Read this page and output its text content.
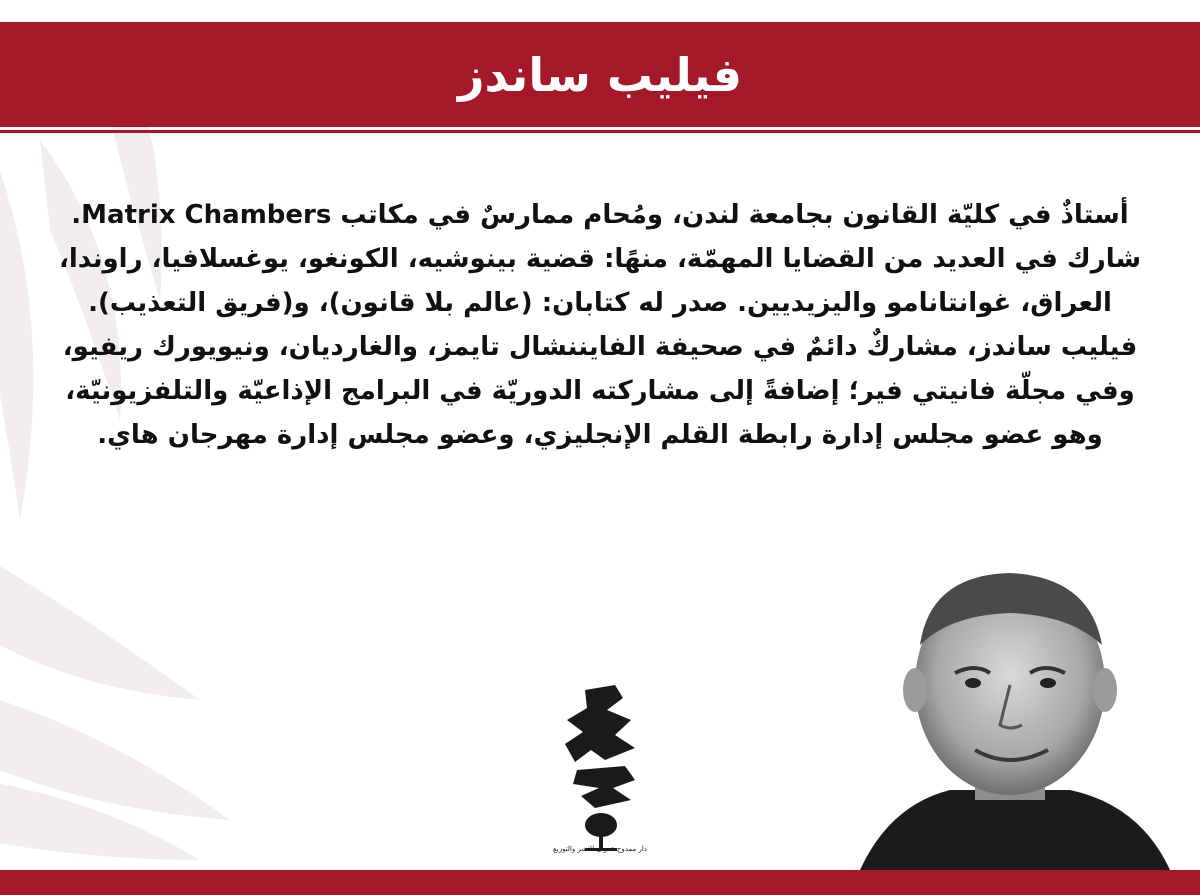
فيليب ساندز

أستاذٌ في كليّة القانون بجامعة لندن، ومُحام ممارسٌ في مكاتب Matrix Chambers. شارك في العديد من القضايا المهمّة، منهًا: قضية بينوشيه، الكونغو، يوغسلافيا، راوندا، العراق، غوانتانامو واليزيديين. صدر له كتابان: (عالم بلا قانون)، و(فريق التعذيب).

فيليب ساندز، مشاركٌ دائمٌ في صحيفة الفايننشال تايمز، والغارديان، ونيويورك ريفيو، وفي مجلّة فانيتي فير؛ إضافةً إلى مشاركته الدوريّة في البرامج الإذاعيّة والتلفزيونيّة، وهو عضو مجلس إدارة رابطة القلم الإنجليزي، وعضو مجلس إدارة مهرجان هاي.

دار ممدوح عدوان للنشر والتوزيع
